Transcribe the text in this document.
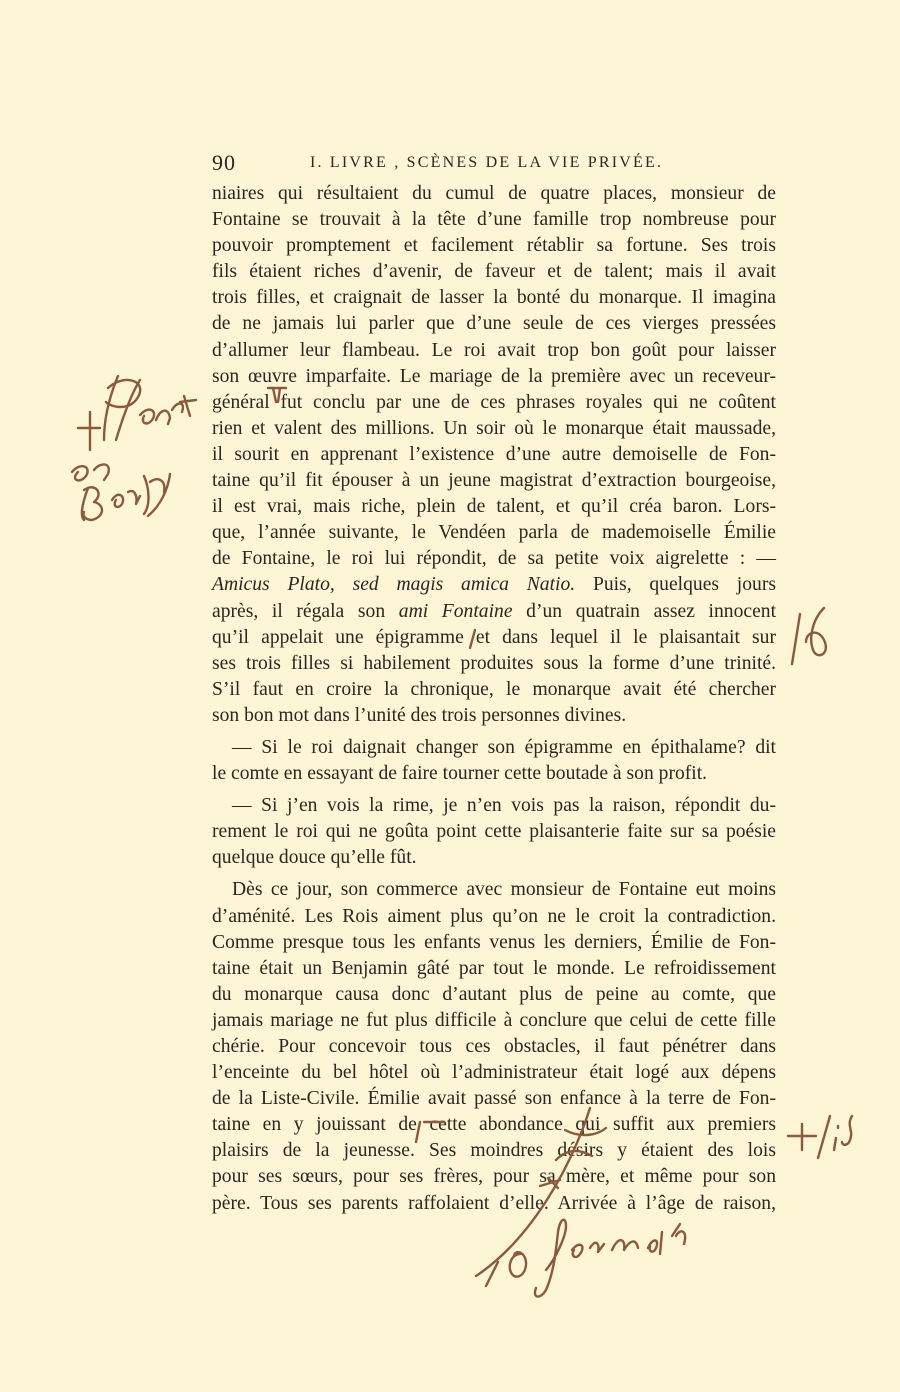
90	I. LIVRE , SCÈNES DE LA VIE PRIVÉE.
niaires qui résultaient du cumul de quatre places, monsieur de
Fontaine se trouvait à la tête d’une famille trop nombreuse pour
pouvoir promptement et facilement rétablir sa fortune. Ses trois
fils étaient riches d’avenir, de faveur et de talent; mais il avait
trois filles, et craignait de lasser la bonté du monarque. Il imagina
de ne jamais lui parler que d’une seule de ces vierges pressées
d’allumer leur flambeau. Le roi avait trop bon goût pour laisser
son œuvre imparfaite. Le mariage de la première avec un receveur-
général fut conclu par une de ces phrases royales qui ne coûtent
rien et valent des millions. Un soir où le monarque était maussade,
il sourit en apprenant l’existence d’une autre demoiselle de Fon-
taine qu’il fit épouser à un jeune magistrat d’extraction bourgeoise,
il est vrai, mais riche, plein de talent, et qu’il créa baron. Lors-
que, l’année suivante, le Vendéen parla de mademoiselle Émilie
de Fontaine, le roi lui répondit, de sa petite voix aigrelette : —
Amicus Plato, sed magis amica Natio. Puis, quelques jours
après, il régala son ami Fontaine d’un quatrain assez innocent
qu’il appelait une épigramme et dans lequel il le plaisantait sur
ses trois filles si habilement produites sous la forme d’une trinité.
S’il faut en croire la chronique, le monarque avait été chercher
son bon mot dans l’unité des trois personnes divines.
— Si le roi daignait changer son épigramme en épithalame? dit
le comte en essayant de faire tourner cette boutade à son profit.
— Si j’en vois la rime, je n’en vois pas la raison, répondit du-
rement le roi qui ne goûta point cette plaisanterie faite sur sa poésie
quelque douce qu’elle fût.
Dès ce jour, son commerce avec monsieur de Fontaine eut moins
d’aménité. Les Rois aiment plus qu’on ne le croit la contradiction.
Comme presque tous les enfants venus les derniers, Émilie de Fon-
taine était un Benjamin gâté par tout le monde. Le refroidissement
du monarque causa donc d’autant plus de peine au comte, que
jamais mariage ne fut plus difficile à conclure que celui de cette fille
chérie. Pour concevoir tous ces obstacles, il faut pénétrer dans
l’enceinte du bel hôtel où l’administrateur était logé aux dépens
de la Liste-Civile. Émilie avait passé son enfance à la terre de Fon-
taine en y jouissant de cette abondance qui suffit aux premiers
plaisirs de la jeunesse. Ses moindres désirs y étaient des lois
pour ses sœurs, pour ses frères, pour sa mère, et même pour son
père. Tous ses parents raffolaient d’elle. Arrivée à l’âge de raison,
